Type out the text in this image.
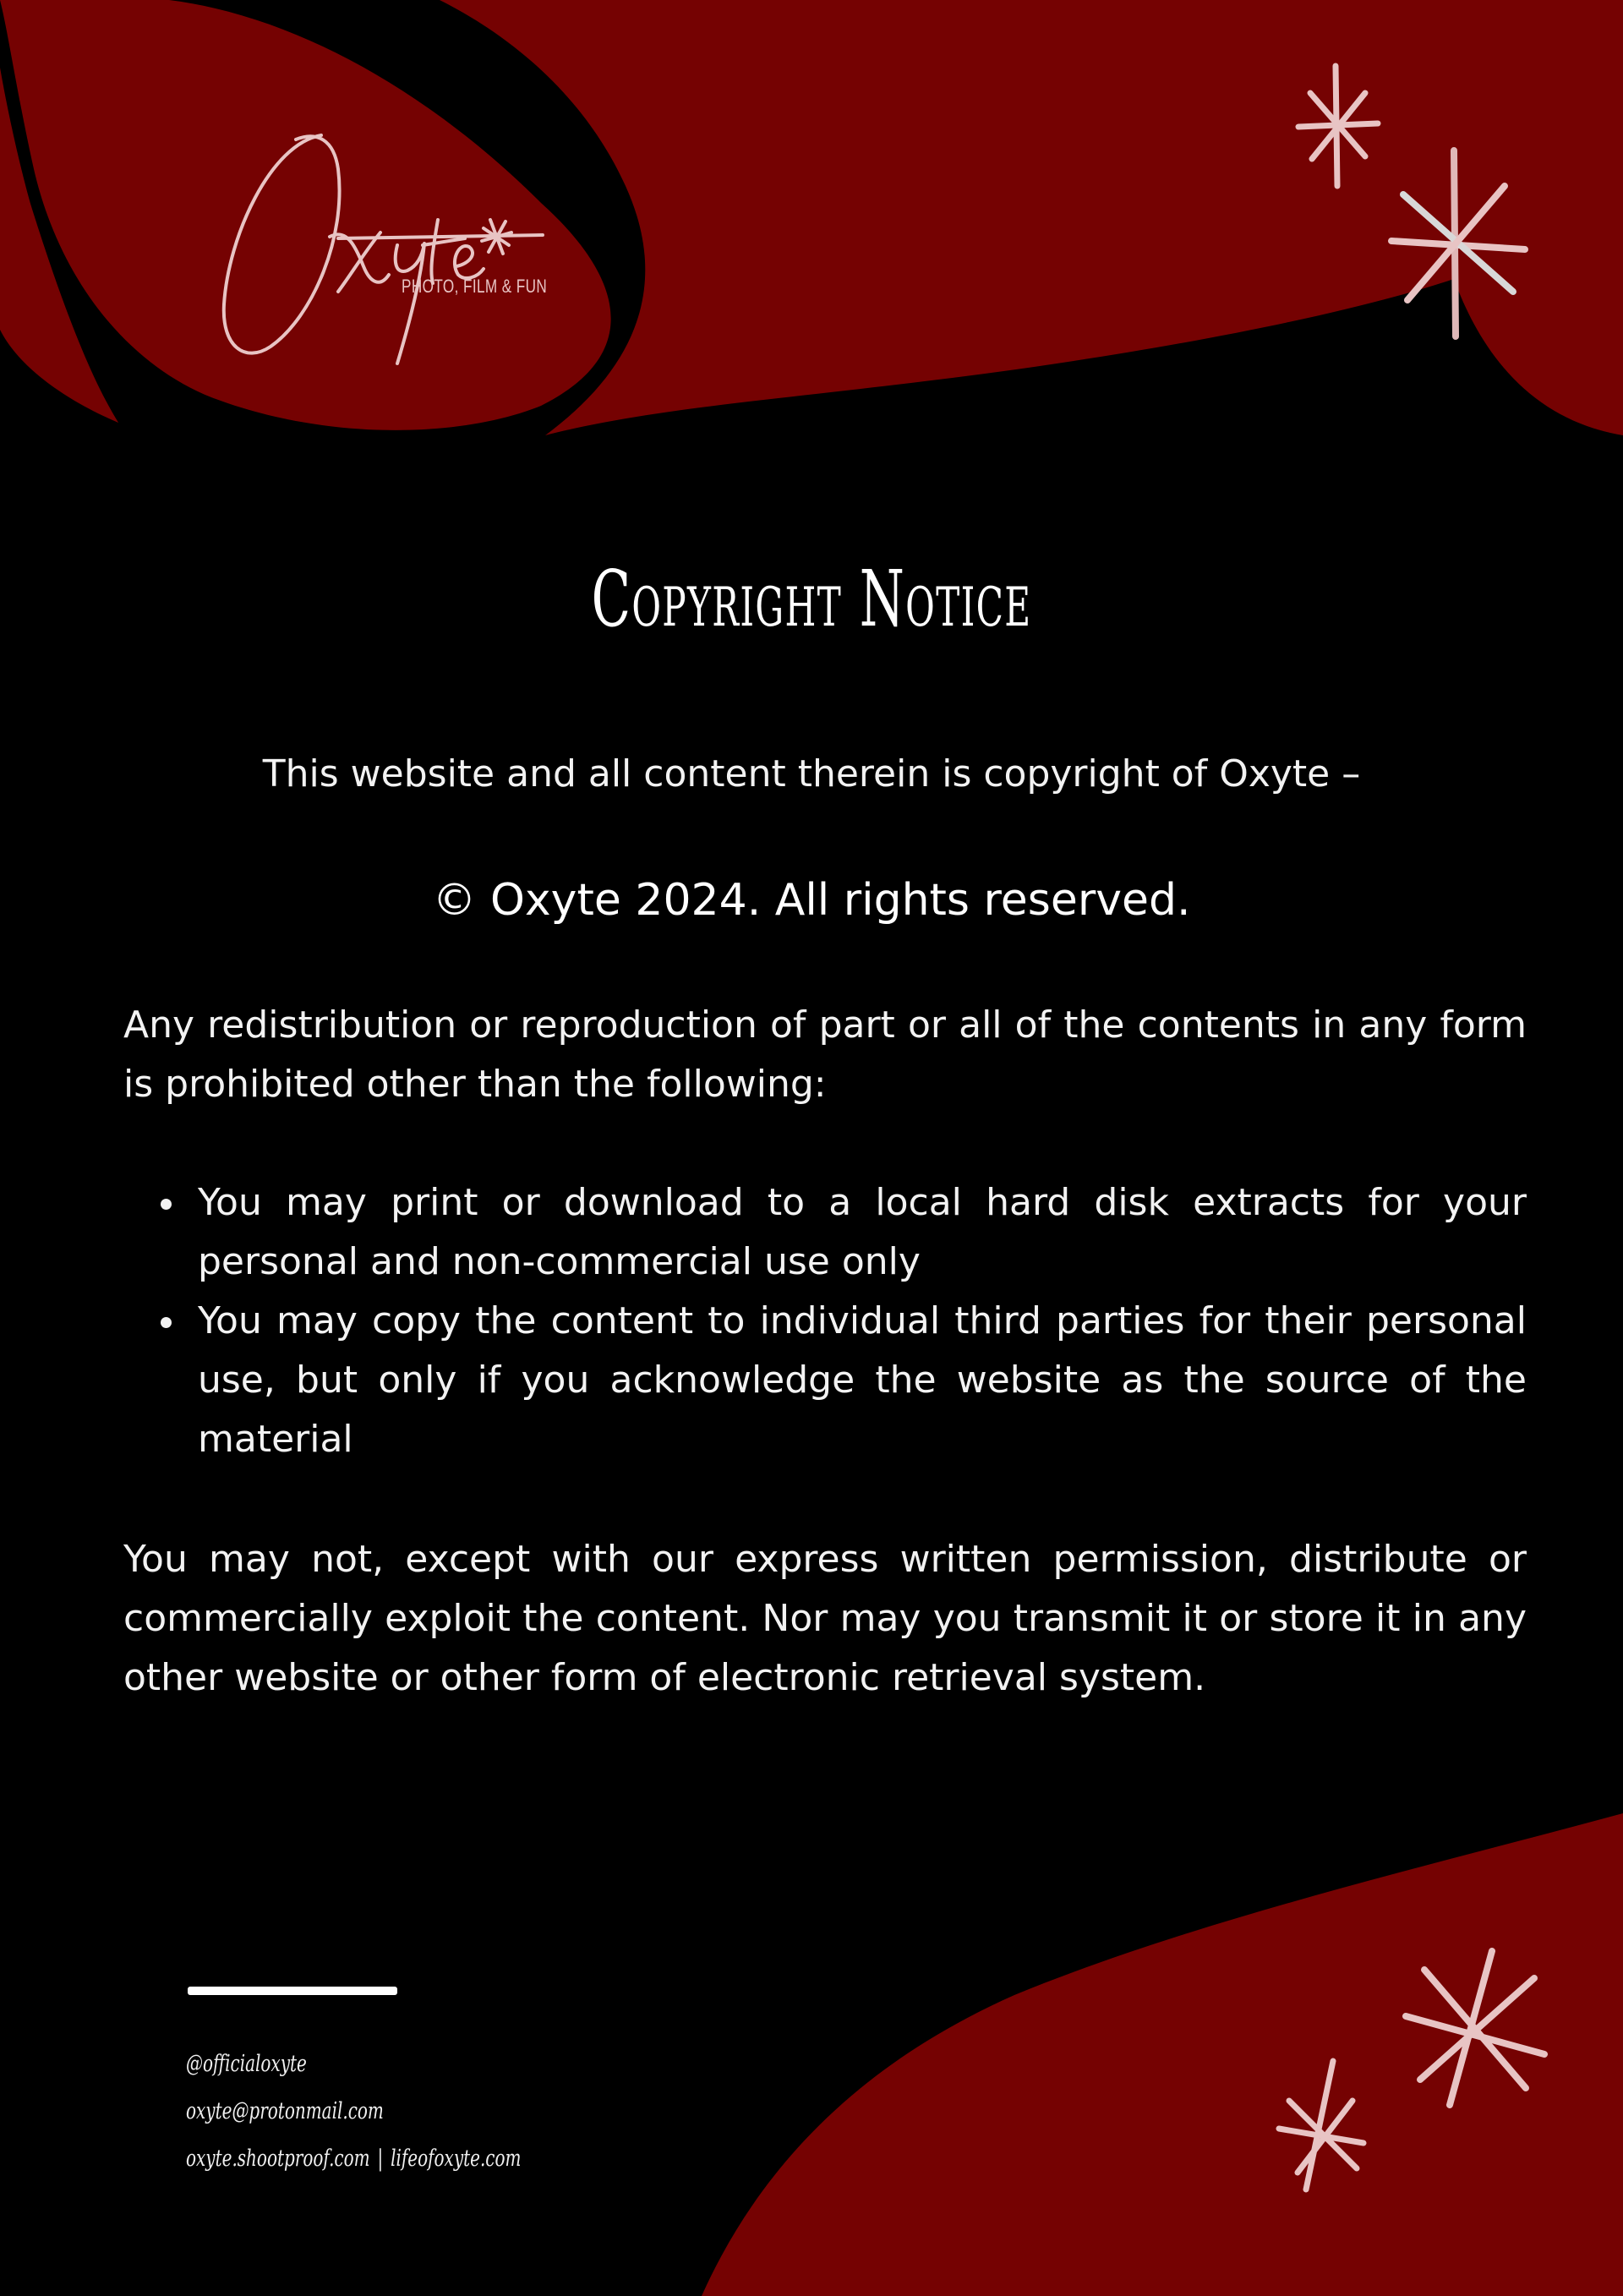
PHOTO, FILM & FUN
Copyright Notice
This website and all content therein is copyright of Oxyte –
© Oxyte 2024. All rights reserved.
Any redistribution or reproduction of part or all of the contents in any form is prohibited other than the following:
You may print or download to a local hard disk extracts for your personal and non-commercial use only
You may copy the content to individual third parties for their personal use, but only if you acknowledge the website as the source of the material
You may not, except with our express written permission, distribute or commercially exploit the content. Nor may you transmit it or store it in any other website or other form of electronic retrieval system.
@officialoxyte
oxyte@protonmail.com
oxyte.shootproof.com | lifeofoxyte.com
